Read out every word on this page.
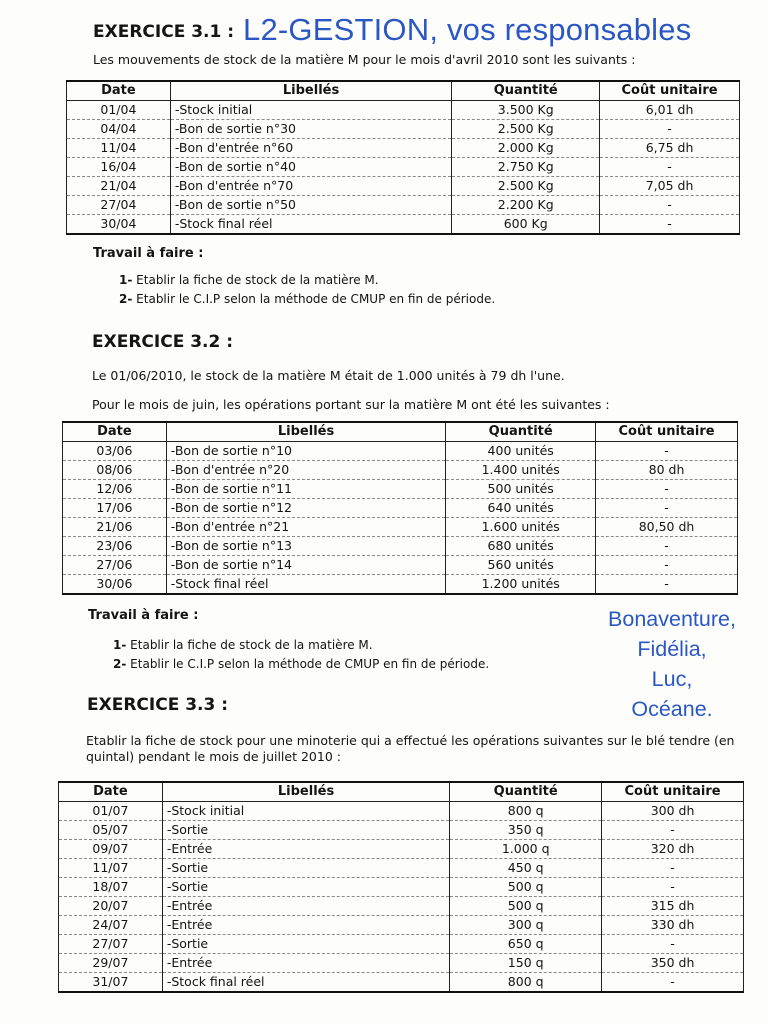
L2-GESTION, vos responsables
EXERCICE 3.1 :
Les mouvements de stock de la matière M pour le mois d'avril 2010 sont les suivants :
Date	Libellés	Quantité	Coût unitaire
01/04	-Stock initial	3.500 Kg	6,01 dh
04/04	-Bon de sortie n°30	2.500 Kg	-
11/04	-Bon d'entrée n°60	2.000 Kg	6,75 dh
16/04	-Bon de sortie n°40	2.750 Kg	-
21/04	-Bon d'entrée n°70	2.500 Kg	7,05 dh
27/04	-Bon de sortie n°50	2.200 Kg	-
30/04	-Stock final réel	600 Kg	-
Travail à faire :
1- Etablir la fiche de stock de la matière M.
2- Etablir le C.I.P selon la méthode de CMUP en fin de période.
EXERCICE 3.2 :
Le 01/06/2010, le stock de la matière M était de 1.000 unités à 79 dh l'une.
Pour le mois de juin, les opérations portant sur la matière M ont été les suivantes :
Date	Libellés	Quantité	Coût unitaire
03/06	-Bon de sortie n°10	400 unités	-
08/06	-Bon d'entrée n°20	1.400 unités	80 dh
12/06	-Bon de sortie n°11	500 unités	-
17/06	-Bon de sortie n°12	640 unités	-
21/06	-Bon d'entrée n°21	1.600 unités	80,50 dh
23/06	-Bon de sortie n°13	680 unités	-
27/06	-Bon de sortie n°14	560 unités	-
30/06	-Stock final réel	1.200 unités	-
Travail à faire :
1- Etablir la fiche de stock de la matière M.
2- Etablir le C.I.P selon la méthode de CMUP en fin de période.
Bonaventure,
Fidélia,
Luc,
Océane.
EXERCICE 3.3 :
Etablir la fiche de stock pour une minoterie qui a effectué les opérations suivantes sur le blé tendre (en quintal) pendant le mois de juillet 2010 :
Date	Libellés	Quantité	Coût unitaire
01/07	-Stock initial	800 q	300 dh
05/07	-Sortie	350 q	-
09/07	-Entrée	1.000 q	320 dh
11/07	-Sortie	450 q	-
18/07	-Sortie	500 q	-
20/07	-Entrée	500 q	315 dh
24/07	-Entrée	300 q	330 dh
27/07	-Sortie	650 q	-
29/07	-Entrée	150 q	350 dh
31/07	-Stock final réel	800 q	-
